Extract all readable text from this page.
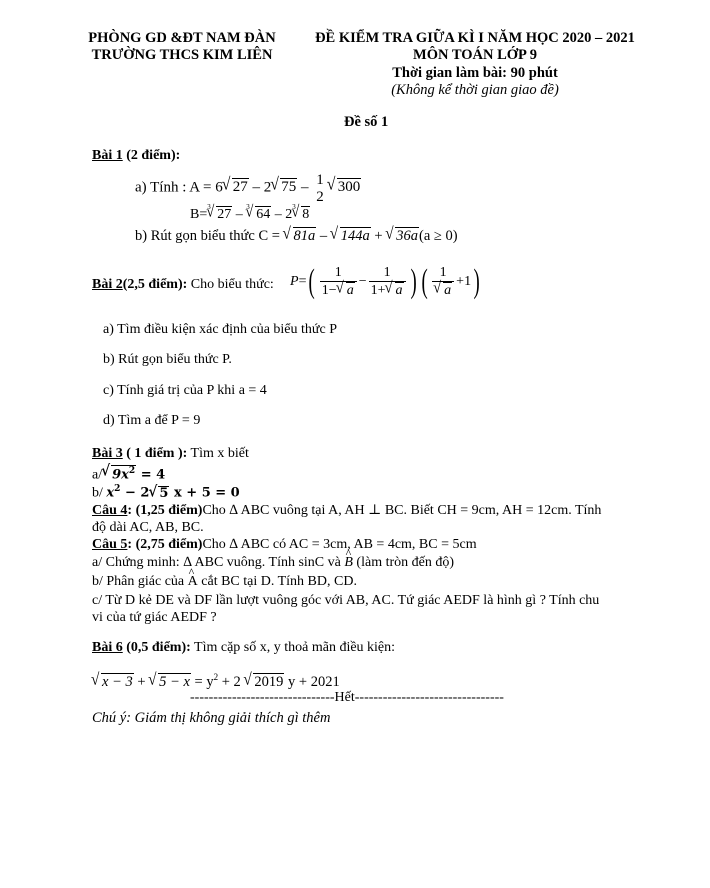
PHÒNG GD &ĐT NAM ĐÀN
TRƯỜNG THCS KIM LIÊN
ĐỀ KIỂM TRA GIỮA KÌ I NĂM HỌC 2020 – 2021
MÔN TOÁN LỚP 9
Thời gian làm bài: 90 phút
(Không kể thời gian giao đề)
Đề số 1
Bài 1 (2 điểm):
a) Tính : A = 6 √ 27 – 2 √ 75 – 1
2
√ 300
B= √ 3 27 – √ 3 64 – 2 √ 3 8
b) Rút gọn biểu thức C = √ 81a – √ 144a + √ 36a(a ≥ 0)
Bài 2(2,5 điểm): Cho biểu thức: P = ( $\frac{1}{1- √ a} - \frac{1}{1+ √ a}$ ) ( 1
√ a +1 )
a) Tìm điều kiện xác định của biểu thức P
b) Rút gọn biểu thức P.
c) Tính giá trị của P khi a = 4
d) Tìm a để P = 9
Bài 3 ( 1 điểm ): Tìm x biết
a/ √ $9x^2 = 4$
b/ $x^2 - 2$ √ 5 x + 5 = 0
Câu 4: (1,25 điểm)Cho ∆ ABC vuông tại A, AH ⊥ BC. Biết CH = 9cm, AH = 12cm. Tính
độ dài AC, AB, BC.
Câu 5: (2,75 điểm)Cho ∆ ABC có AC = 3cm, AB = 4cm, BC = 5cm
a/ Chứng minh: ∆ ABC vuông. Tính sinC và ^ B (làm tròn đến độ)
b/ Phân giác của ^ A cắt BC tại D. Tính BD, CD.
c/ Từ D kẻ DE và DF lần lượt vuông góc với AB, AC. Tứ giác AEDF là hình gì ? Tính chu
vi của tứ giác AEDF ?
Bài 6 (0,5 điểm): Tìm cặp số x, y thoả mãn điều kiện:
√ x − 3 + √ $5 - x = y^2 + 2$ √ 2019 y + 2021
-------------------------------Hết--------------------------------
Chú ý: Giám thị không giải thích gì thêm
